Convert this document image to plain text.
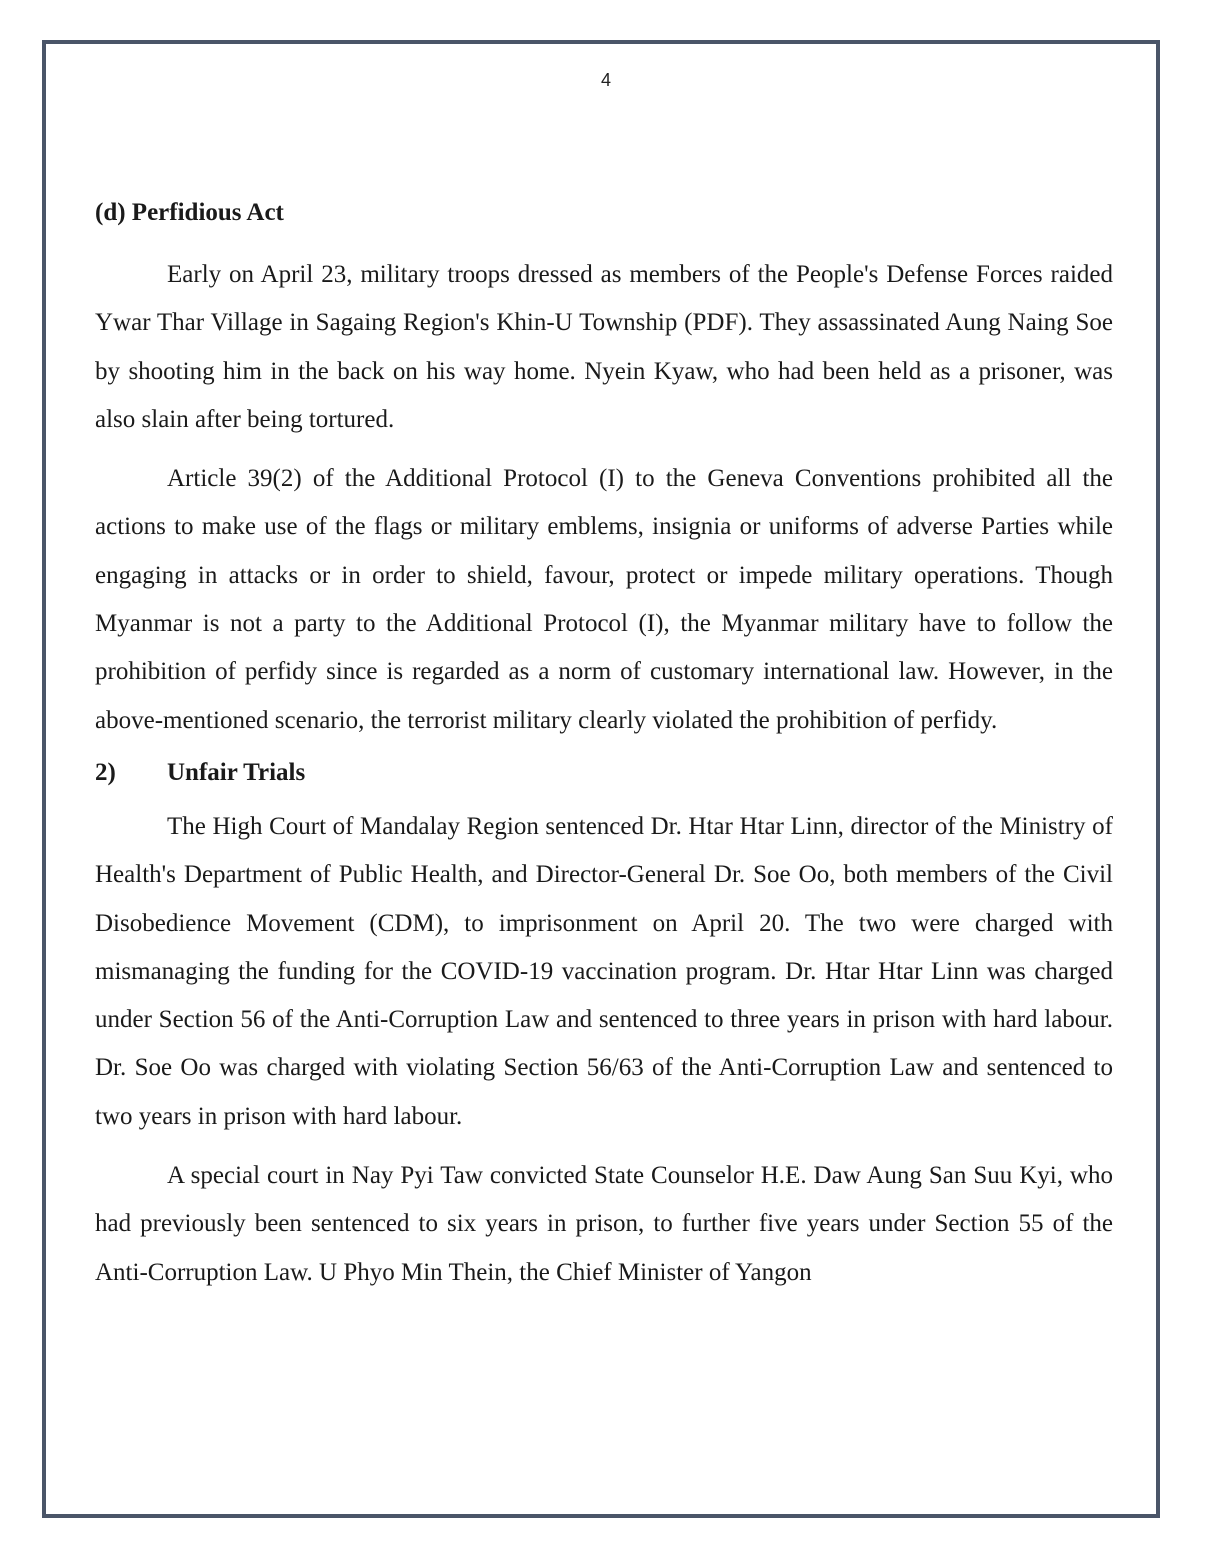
4
(d) Perfidious Act

Early on April 23, military troops dressed as members of the People's Defense Forces raided Ywar Thar Village in Sagaing Region's Khin-U Township (PDF). They assassinated Aung Naing Soe by shooting him in the back on his way home. Nyein Kyaw, who had been held as a prisoner, was also slain after being tortured.

Article 39(2) of the Additional Protocol (I) to the Geneva Conventions prohibited all the actions to make use of the flags or military emblems, insignia or uniforms of adverse Parties while engaging in attacks or in order to shield, favour, protect or impede military operations. Though Myanmar is not a party to the Additional Protocol (I), the Myanmar military have to follow the prohibition of perfidy since is regarded as a norm of customary international law. However, in the above-mentioned scenario, the terrorist military clearly violated the prohibition of perfidy.

2)	Unfair Trials

The High Court of Mandalay Region sentenced Dr. Htar Htar Linn, director of the Ministry of Health's Department of Public Health, and Director-General Dr. Soe Oo, both members of the Civil Disobedience Movement (CDM), to imprisonment on April 20. The two were charged with mismanaging the funding for the COVID-19 vaccination program. Dr. Htar Htar Linn was charged under Section 56 of the Anti-Corruption Law and sentenced to three years in prison with hard labour. Dr. Soe Oo was charged with violating Section 56/63 of the Anti-Corruption Law and sentenced to two years in prison with hard labour.

A special court in Nay Pyi Taw convicted State Counselor H.E. Daw Aung San Suu Kyi, who had previously been sentenced to six years in prison, to further five years under Section 55 of the Anti-Corruption Law. U Phyo Min Thein, the Chief Minister of Yangon
